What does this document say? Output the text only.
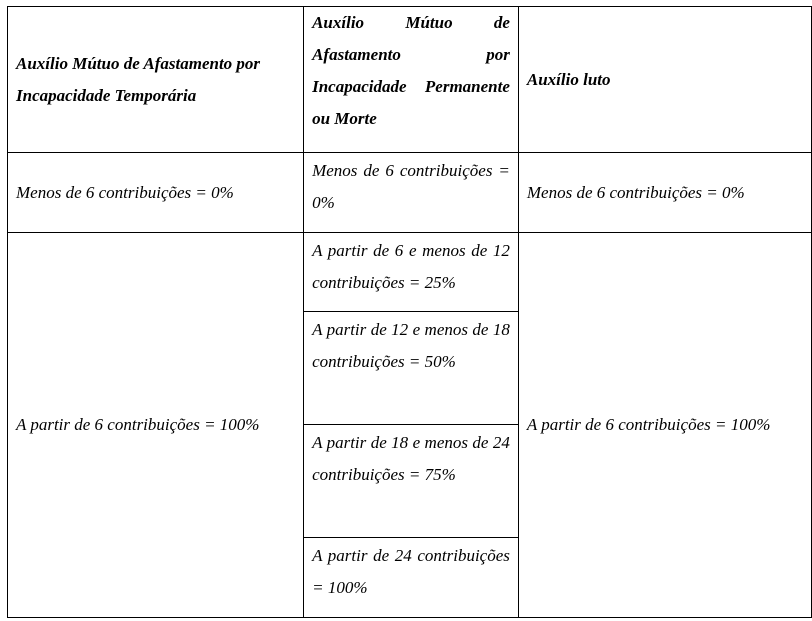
Auxílio Mútuo de Afastamento por Incapacidade Temporária	Auxílio Mútuo de Afastamento por Incapacidade Permanente ou Morte	Auxílio luto
Menos de 6 contribuições = 0%	Menos de 6 contribuições = 0%	Menos de 6 contribuições = 0%
A partir de 6 contribuições = 100%	A partir de 6 e menos de 12 contribuições = 25%	A partir de 6 contribuições = 100%
	A partir de 12 e menos de 18 contribuições = 50%	
	A partir de 18 e menos de 24 contribuições = 75%	
	A partir de 24 contribuições = 100%	
